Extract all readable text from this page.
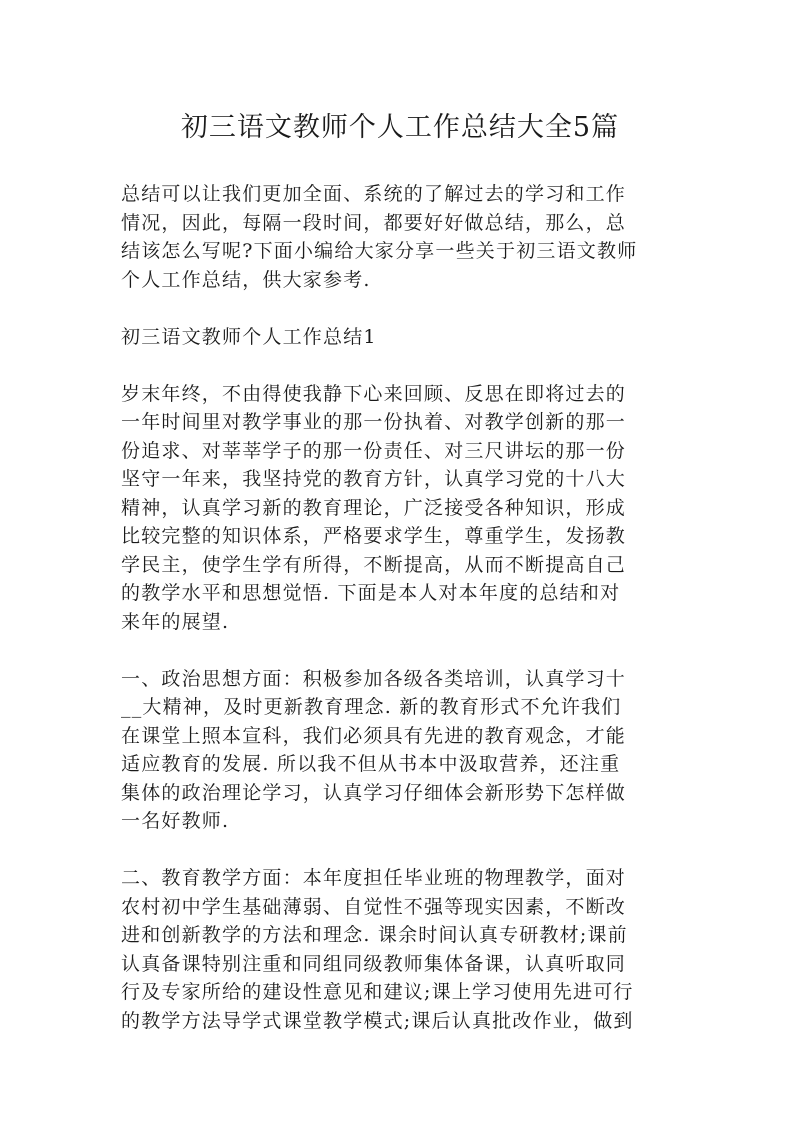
初三语文教师个人工作总结大全5篇

总结可以让我们更加全面、系统的了解过去的学习和工作
情况，因此，每隔一段时间，都要好好做总结，那么，总
结该怎么写呢?下面小编给大家分享一些关于初三语文教师
个人工作总结，供大家参考.

初三语文教师个人工作总结1

岁末年终，不由得使我静下心来回顾、反思在即将过去的
一年时间里对教学事业的那一份执着、对教学创新的那一
份追求、对莘莘学子的那一份责任、对三尺讲坛的那一份
坚守一年来，我坚持党的教育方针，认真学习党的十八大
精神，认真学习新的教育理论，广泛接受各种知识，形成
比较完整的知识体系，严格要求学生，尊重学生，发扬教
学民主，使学生学有所得，不断提高，从而不断提高自己
的教学水平和思想觉悟. 下面是本人对本年度的总结和对
来年的展望.

一、政治思想方面：积极参加各级各类培训，认真学习十
__大精神，及时更新教育理念. 新的教育形式不允许我们
在课堂上照本宣科，我们必须具有先进的教育观念，才能
适应教育的发展. 所以我不但从书本中汲取营养，还注重
集体的政治理论学习，认真学习仔细体会新形势下怎样做
一名好教师.

二、教育教学方面：本年度担任毕业班的物理教学，面对
农村初中学生基础薄弱、自觉性不强等现实因素，不断改
进和创新教学的方法和理念. 课余时间认真专研教材;课前
认真备课特别注重和同组同级教师集体备课，认真听取同
行及专家所给的建设性意见和建议;课上学习使用先进可行
的教学方法导学式课堂教学模式;课后认真批改作业，做到
